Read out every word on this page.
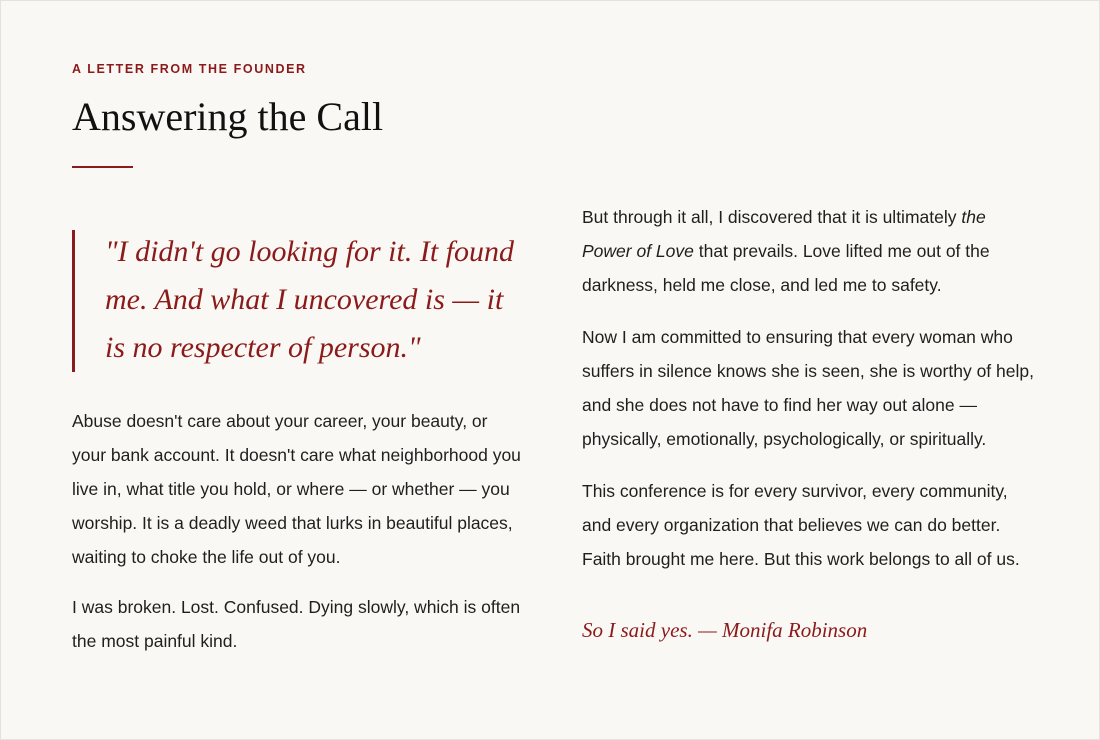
A LETTER FROM THE FOUNDER

Answering the Call

"I didn't go looking for it. It found me. And what I uncovered is — it is no respecter of person."

Abuse doesn't care about your career, your beauty, or your bank account. It doesn't care what neighborhood you live in, what title you hold, or where — or whether — you worship. It is a deadly weed that lurks in beautiful places, waiting to choke the life out of you.

I was broken. Lost. Confused. Dying slowly, which is often the most painful kind.

But through it all, I discovered that it is ultimately the Power of Love that prevails. Love lifted me out of the darkness, held me close, and led me to safety.

Now I am committed to ensuring that every woman who suffers in silence knows she is seen, she is worthy of help, and she does not have to find her way out alone — physically, emotionally, psychologically, or spiritually.

This conference is for every survivor, every community, and every organization that believes we can do better. Faith brought me here. But this work belongs to all of us.

So I said yes. — Monifa Robinson
